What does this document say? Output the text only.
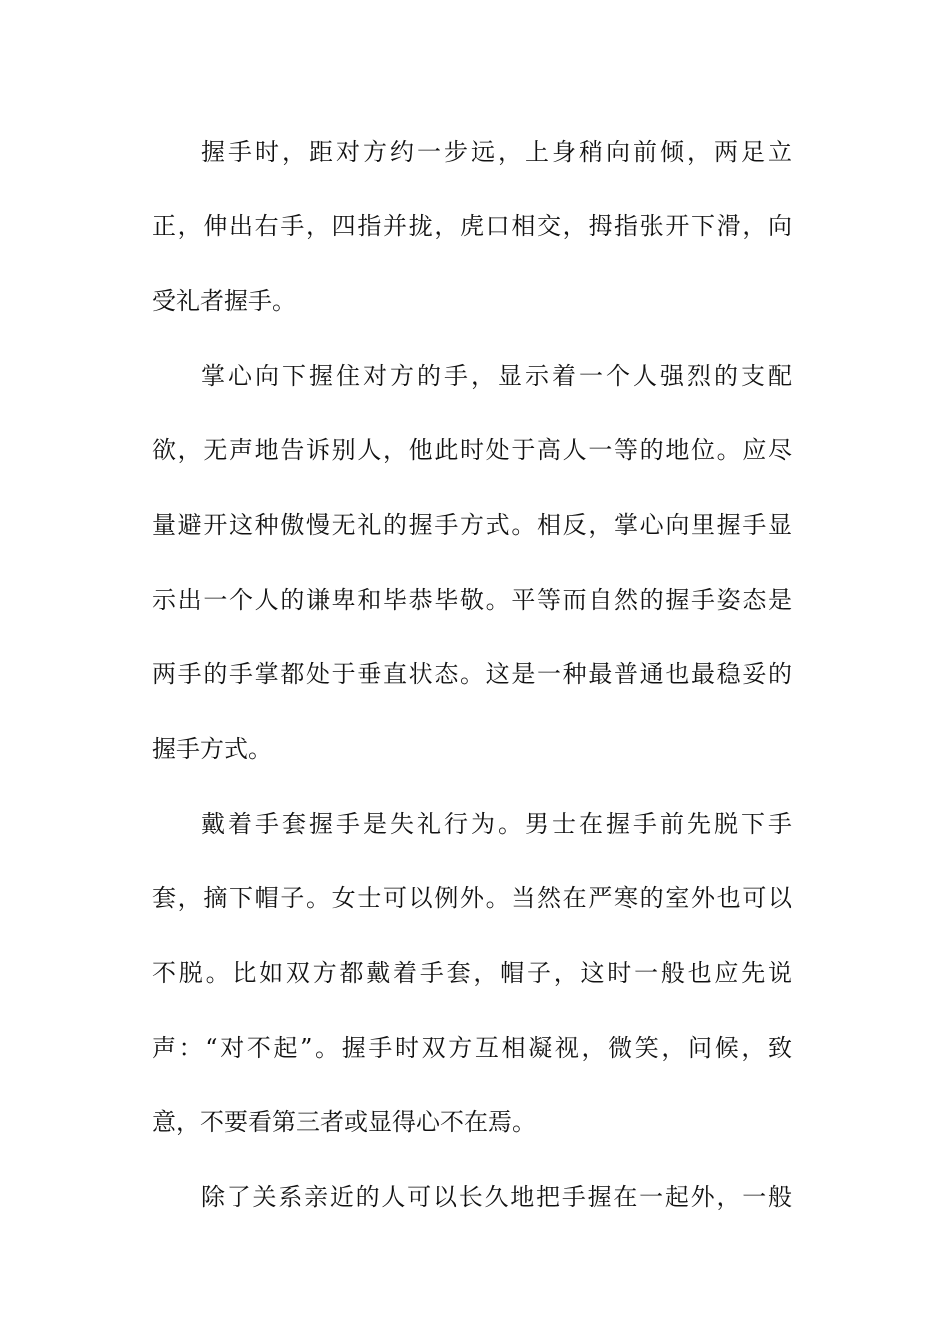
握手时，距对方约一步远，上身稍向前倾，两足立
正，伸出右手，四指并拢，虎口相交，拇指张开下滑，向
受礼者握手。
掌心向下握住对方的手，显示着一个人强烈的支配
欲，无声地告诉别人，他此时处于高人一等的地位。应尽
量避开这种傲慢无礼的握手方式。相反，掌心向里握手显
示出一个人的谦卑和毕恭毕敬。平等而自然的握手姿态是
两手的手掌都处于垂直状态。这是一种最普通也最稳妥的
握手方式。
戴着手套握手是失礼行为。男士在握手前先脱下手
套，摘下帽子。女士可以例外。当然在严寒的室外也可以
不脱。比如双方都戴着手套，帽子，这时一般也应先说
声：“对不起”。握手时双方互相凝视，微笑，问候，致
意，不要看第三者或显得心不在焉。
除了关系亲近的人可以长久地把手握在一起外，一般
